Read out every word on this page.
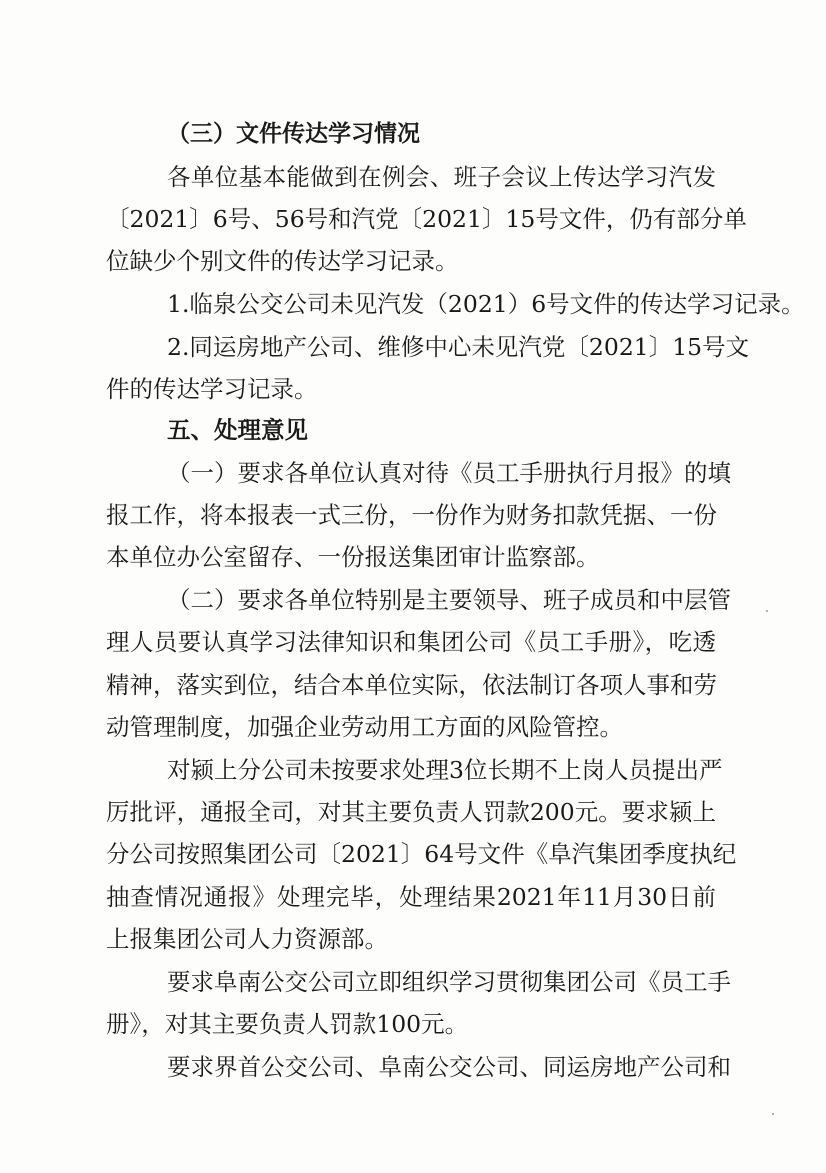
（三）文件传达学习情况
各单位基本能做到在例会、班子会议上传达学习汽发
〔2021〕6号、56号和汽党〔2021〕15号文件，仍有部分单
位缺少个别文件的传达学习记录。
1.临泉公交公司未见汽发（2021）6号文件的传达学习记录。
2.同运房地产公司、维修中心未见汽党〔2021〕15号文
件的传达学习记录。
五、处理意见
（一）要求各单位认真对待《员工手册执行月报》的填
报工作，将本报表一式三份，一份作为财务扣款凭据、一份
本单位办公室留存、一份报送集团审计监察部。
（二）要求各单位特别是主要领导、班子成员和中层管
理人员要认真学习法律知识和集团公司《员工手册》，吃透
精神，落实到位，结合本单位实际，依法制订各项人事和劳
动管理制度，加强企业劳动用工方面的风险管控。
对颍上分公司未按要求处理3位长期不上岗人员提出严
厉批评，通报全司，对其主要负责人罚款200元。要求颍上
分公司按照集团公司〔2021〕64号文件《阜汽集团季度执纪
抽查情况通报》处理完毕，处理结果2021年11月30日前
上报集团公司人力资源部。
要求阜南公交公司立即组织学习贯彻集团公司《员工手
册》，对其主要负责人罚款100元。
要求界首公交公司、阜南公交公司、同运房地产公司和
